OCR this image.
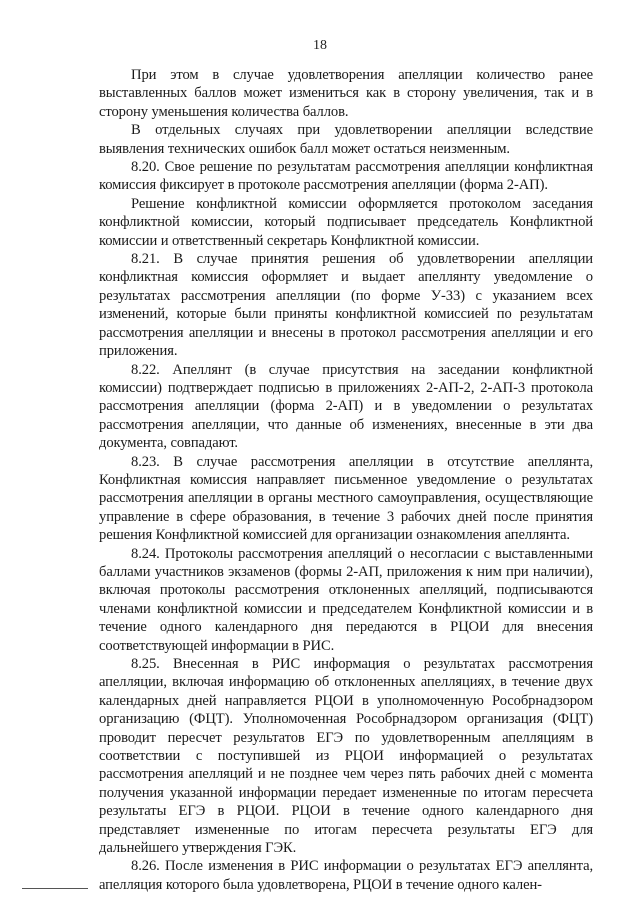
18

При этом в случае удовлетворения апелляции количество ранее выставленных баллов может измениться как в сторону увеличения, так и в сторону уменьшения количества баллов.

В отдельных случаях при удовлетворении апелляции вследствие выявления технических ошибок балл может остаться неизменным.

8.20. Свое решение по результатам рассмотрения апелляции конфликтная комиссия фиксирует в протоколе рассмотрения апелляции (форма 2-АП).

Решение конфликтной комиссии оформляется протоколом заседания конфликтной комиссии, который подписывает председатель Конфликтной комиссии и ответственный секретарь Конфликтной комиссии.

8.21. В случае принятия решения об удовлетворении апелляции конфликтная комиссия оформляет и выдает апеллянту уведомление о результатах рассмотрения апелляции (по форме У-33) с указанием всех изменений, которые были приняты конфликтной комиссией по результатам рассмотрения апелляции и внесены в протокол рассмотрения апелляции и его приложения.

8.22. Апеллянт (в случае присутствия на заседании конфликтной комиссии) подтверждает подписью в приложениях 2-АП-2, 2-АП-3 протокола рассмотрения апелляции (форма 2-АП) и в уведомлении о результатах рассмотрения апелляции, что данные об изменениях, внесенные в эти два документа, совпадают.

8.23. В случае рассмотрения апелляции в отсутствие апеллянта, Конфликтная комиссия направляет письменное уведомление о результатах рассмотрения апелляции в органы местного самоуправления, осуществляющие управление в сфере образования, в течение 3 рабочих дней после принятия решения Конфликтной комиссией для организации ознакомления апеллянта.

8.24. Протоколы рассмотрения апелляций о несогласии с выставленными баллами участников экзаменов (формы 2-АП, приложения к ним при наличии), включая протоколы рассмотрения отклоненных апелляций, подписываются членами конфликтной комиссии и председателем Конфликтной комиссии и в течение одного календарного дня передаются в РЦОИ для внесения соответствующей информации в РИС.

8.25. Внесенная в РИС информация о результатах рассмотрения апелляции, включая информацию об отклоненных апелляциях, в течение двух календарных дней направляется РЦОИ в уполномоченную Рособрнадзором организацию (ФЦТ). Уполномоченная Рособрнадзором организация (ФЦТ) проводит пересчет результатов ЕГЭ по удовлетворенным апелляциям в соответствии с поступившей из РЦОИ информацией о результатах рассмотрения апелляций и не позднее чем через пять рабочих дней с момента получения указанной информации передает измененные по итогам пересчета результаты ЕГЭ в РЦОИ. РЦОИ в течение одного календарного дня представляет измененные по итогам пересчета результаты ЕГЭ для дальнейшего утверждения ГЭК.

8.26. После изменения в РИС информации о результатах ЕГЭ апеллянта, апелляция которого была удовлетворена, РЦОИ в течение одного кален-
